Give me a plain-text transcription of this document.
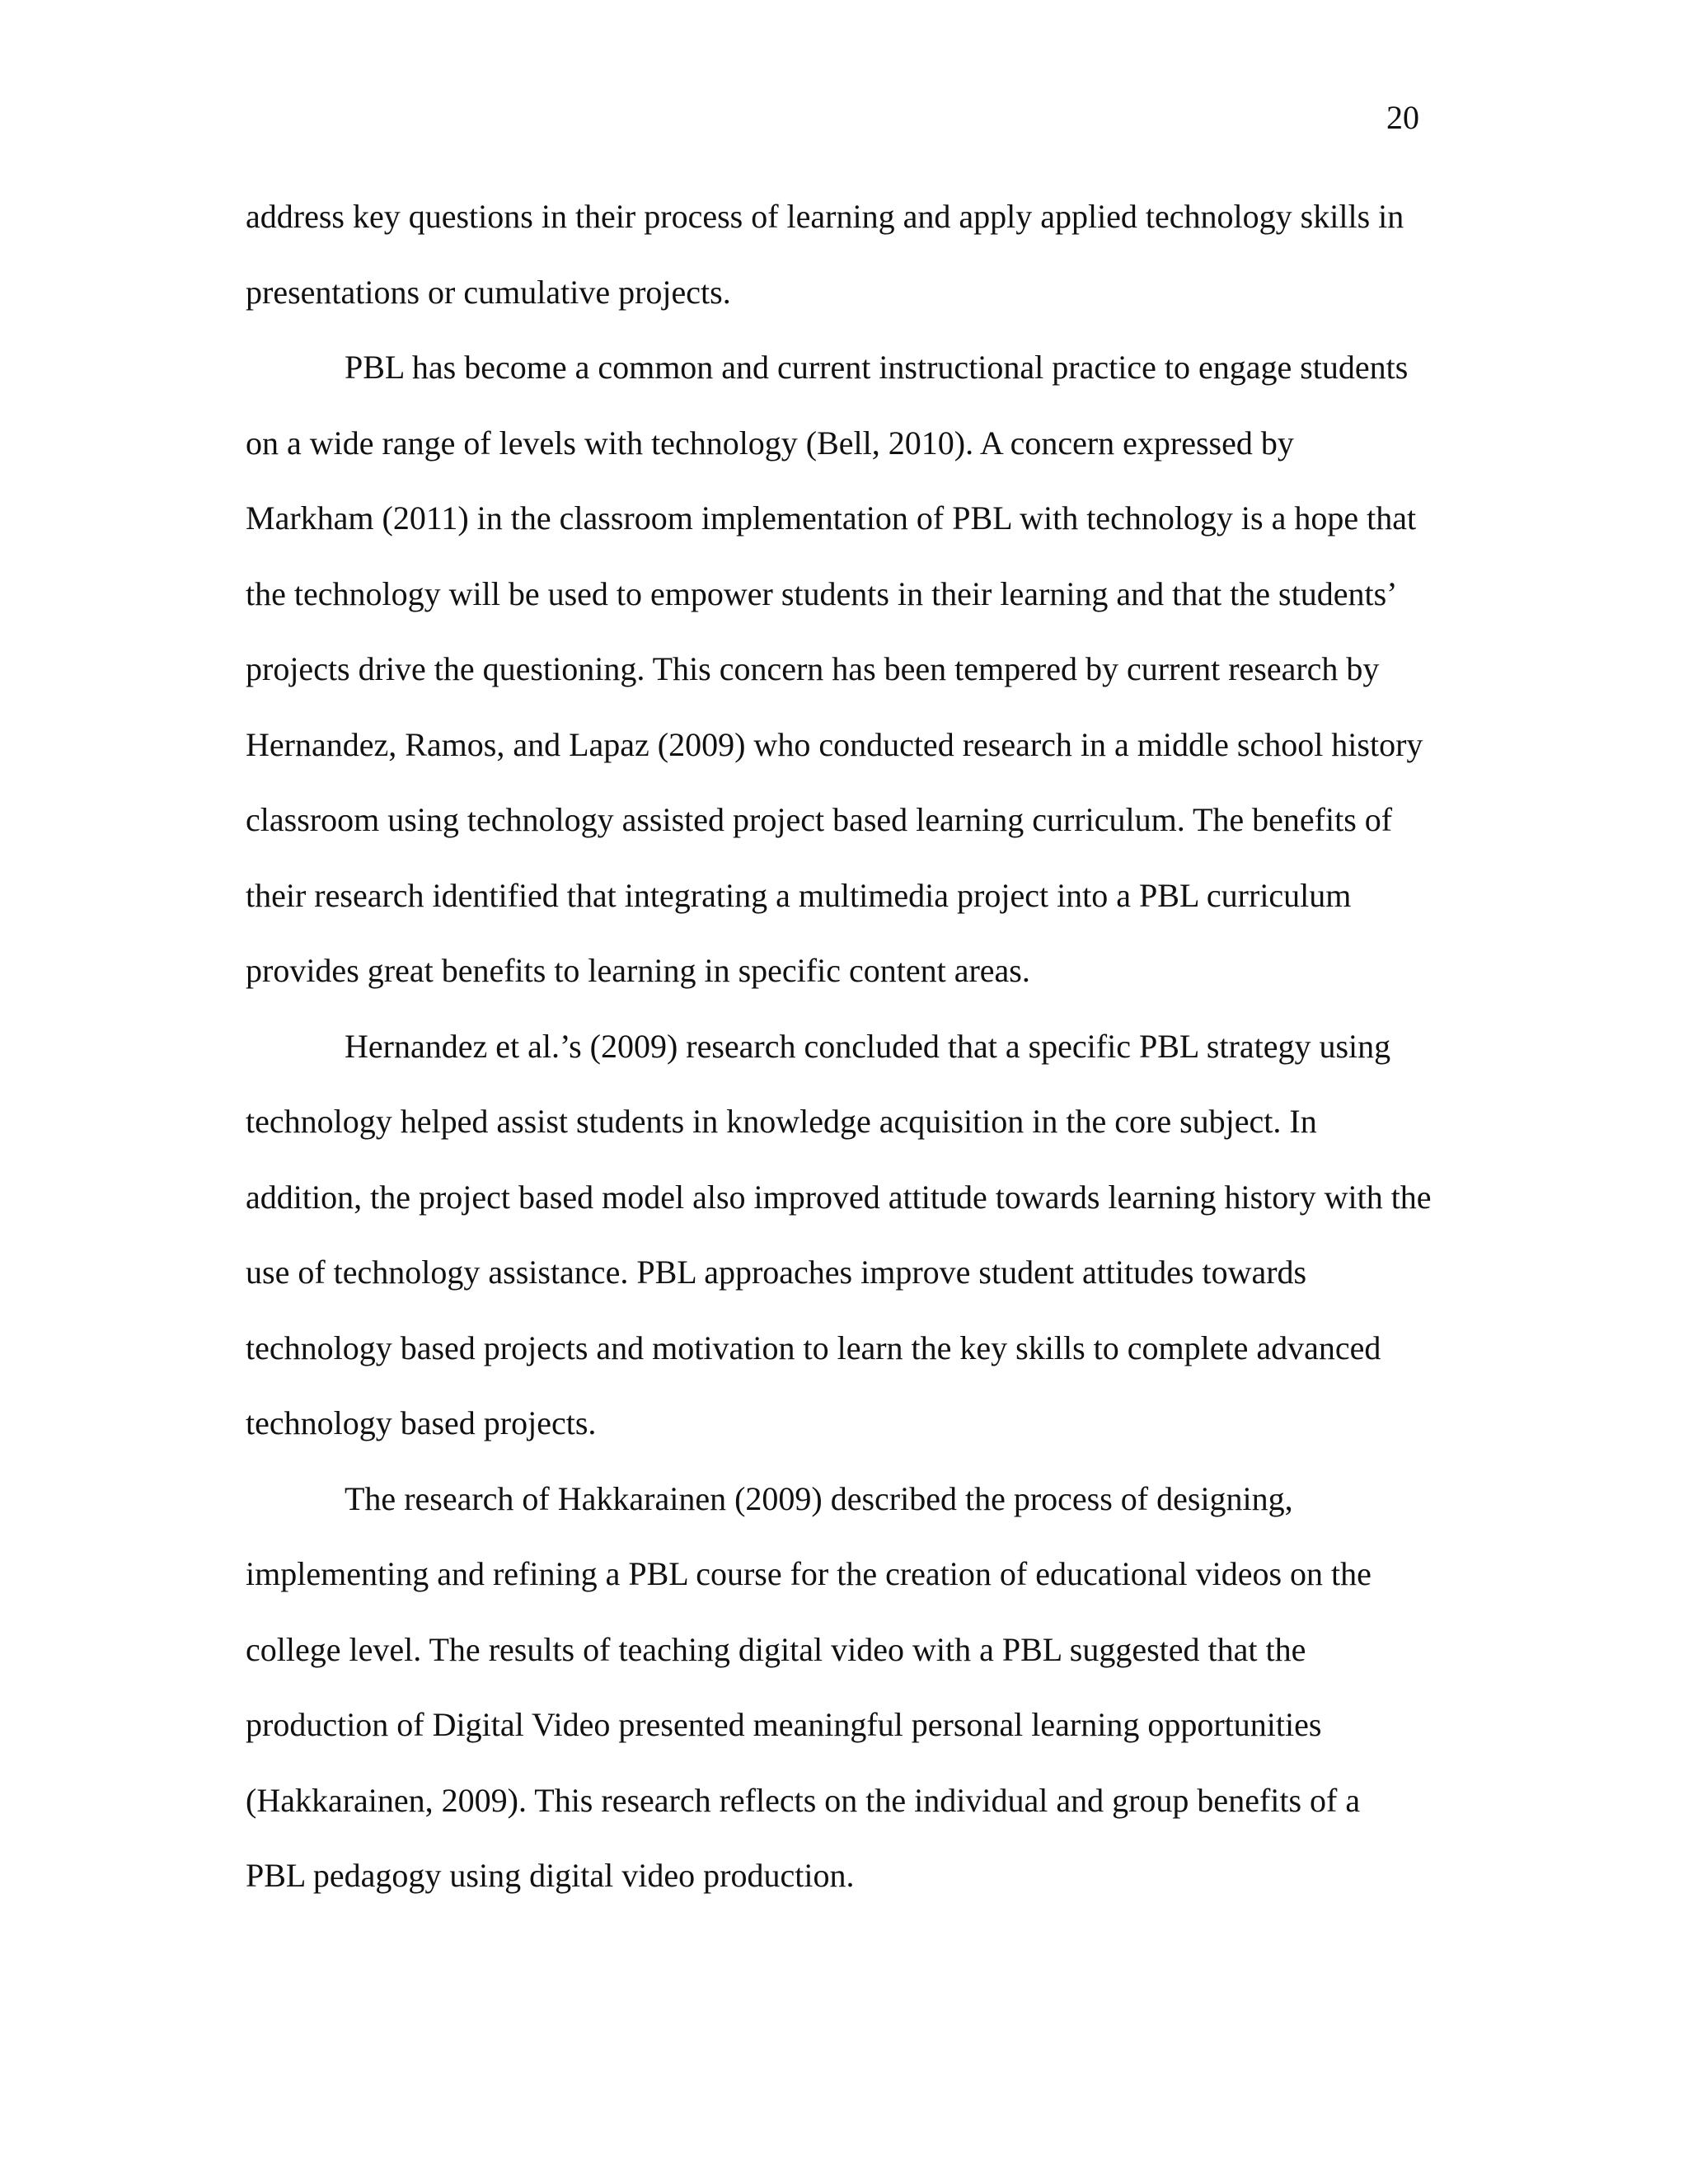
20
address key questions in their process of learning and apply applied technology skills in
presentations or cumulative projects.
PBL has become a common and current instructional practice to engage students
on a wide range of levels with technology (Bell, 2010). A concern expressed by
Markham (2011) in the classroom implementation of PBL with technology is a hope that
the technology will be used to empower students in their learning and that the students’
projects drive the questioning. This concern has been tempered by current research by
Hernandez, Ramos, and Lapaz (2009) who conducted research in a middle school history
classroom using technology assisted project based learning curriculum. The benefits of
their research identified that integrating a multimedia project into a PBL curriculum
provides great benefits to learning in specific content areas.
Hernandez et al.’s (2009) research concluded that a specific PBL strategy using
technology helped assist students in knowledge acquisition in the core subject. In
addition, the project based model also improved attitude towards learning history with the
use of technology assistance. PBL approaches improve student attitudes towards
technology based projects and motivation to learn the key skills to complete advanced
technology based projects.
The research of Hakkarainen (2009) described the process of designing,
implementing and refining a PBL course for the creation of educational videos on the
college level. The results of teaching digital video with a PBL suggested that the
production of Digital Video presented meaningful personal learning opportunities
(Hakkarainen, 2009). This research reflects on the individual and group benefits of a
PBL pedagogy using digital video production.
